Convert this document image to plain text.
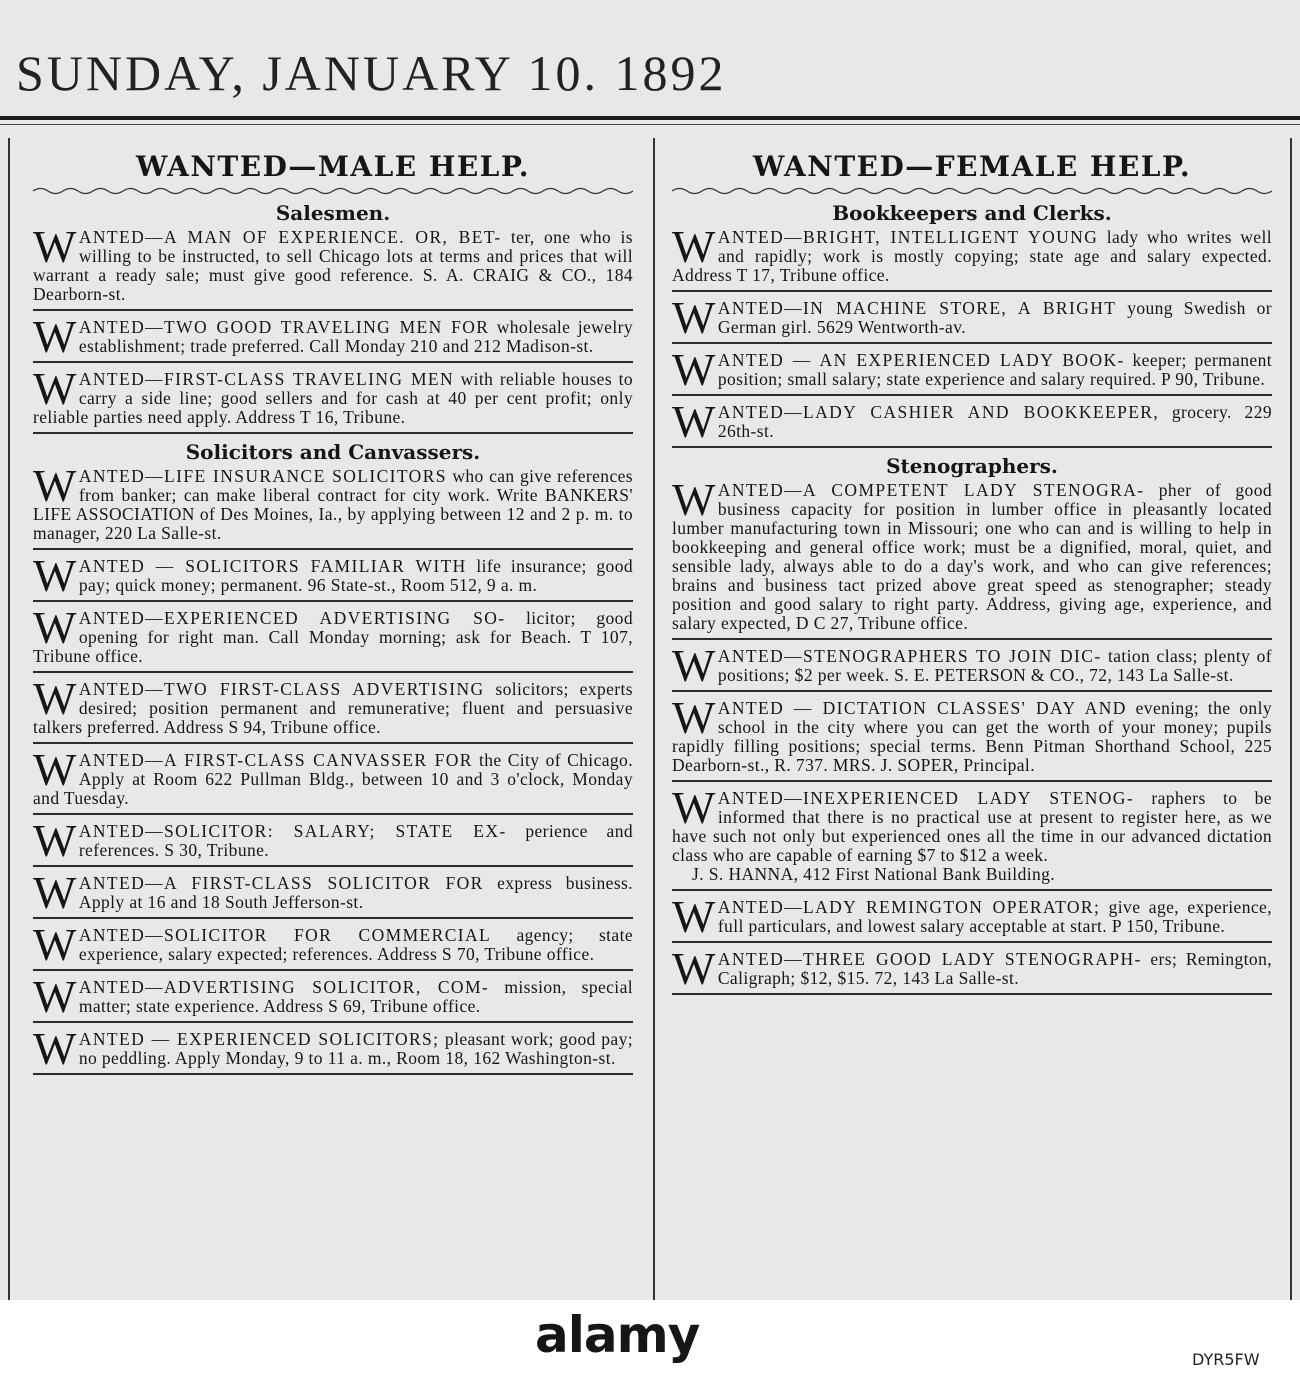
SUNDAY, JANUARY 10. 1892
WANTED—MALE HELP.
Salesmen.
WANTED—A MAN OF EXPERIENCE. OR, BET- ter, one who is willing to be instructed, to sell Chicago lots at terms and prices that will warrant a ready sale; must give good reference. S. A. CRAIG & CO., 184 Dearborn-st.
WANTED—TWO GOOD TRAVELING MEN FOR wholesale jewelry establishment; trade preferred. Call Monday 210 and 212 Madison-st.
WANTED—FIRST-CLASS TRAVELING MEN with reliable houses to carry a side line; good sellers and for cash at 40 per cent profit; only reliable parties need apply. Address T 16, Tribune.
Solicitors and Canvassers.
WANTED—LIFE INSURANCE SOLICITORS who can give references from banker; can make liberal contract for city work. Write BANKERS' LIFE ASSOCIATION of Des Moines, Ia., by applying between 12 and 2 p. m. to manager, 220 La Salle-st.
WANTED — SOLICITORS FAMILIAR WITH life insurance; good pay; quick money; permanent. 96 State-st., Room 512, 9 a. m.
WANTED—EXPERIENCED ADVERTISING SO- licitor; good opening for right man. Call Monday morning; ask for Beach. T 107, Tribune office.
WANTED—TWO FIRST-CLASS ADVERTISING solicitors; experts desired; position permanent and remunerative; fluent and persuasive talkers preferred. Address S 94, Tribune office.
WANTED—A FIRST-CLASS CANVASSER FOR the City of Chicago. Apply at Room 622 Pullman Bldg., between 10 and 3 o'clock, Monday and Tuesday.
WANTED—SOLICITOR: SALARY; STATE EX- perience and references. S 30, Tribune.
WANTED—A FIRST-CLASS SOLICITOR FOR express business. Apply at 16 and 18 South Jefferson-st.
WANTED—SOLICITOR FOR COMMERCIAL agency; state experience, salary expected; references. Address S 70, Tribune office.
WANTED—ADVERTISING SOLICITOR, COM- mission, special matter; state experience. Address S 69, Tribune office.
WANTED — EXPERIENCED SOLICITORS; pleasant work; good pay; no peddling. Apply Monday, 9 to 11 a. m., Room 18, 162 Washington-st.
WANTED—FEMALE HELP.
Bookkeepers and Clerks.
WANTED—BRIGHT, INTELLIGENT YOUNG lady who writes well and rapidly; work is mostly copying; state age and salary expected. Address T 17, Tribune office.
WANTED—IN MACHINE STORE, A BRIGHT young Swedish or German girl. 5629 Wentworth-av.
WANTED — AN EXPERIENCED LADY BOOK- keeper; permanent position; small salary; state experience and salary required. P 90, Tribune.
WANTED—LADY CASHIER AND BOOKKEEPER, grocery. 229 26th-st.
Stenographers.
WANTED—A COMPETENT LADY STENOGRA- pher of good business capacity for position in lumber office in pleasantly located lumber manufacturing town in Missouri; one who can and is willing to help in bookkeeping and general office work; must be a dignified, moral, quiet, and sensible lady, always able to do a day's work, and who can give references; brains and business tact prized above great speed as stenographer; steady position and good salary to right party. Address, giving age, experience, and salary expected, D C 27, Tribune office.
WANTED—STENOGRAPHERS TO JOIN DIC- tation class; plenty of positions; $2 per week. S. E. PETERSON & CO., 72, 143 La Salle-st.
WANTED — DICTATION CLASSES' DAY AND evening; the only school in the city where you can get the worth of your money; pupils rapidly filling positions; special terms. Benn Pitman Shorthand School, 225 Dearborn-st., R. 737. MRS. J. SOPER, Principal.
WANTED—INEXPERIENCED LADY STENOG- raphers to be informed that there is no practical use at present to register here, as we have such not only but experienced ones all the time in our advanced dictation class who are capable of earning $7 to $12 a week.
J. S. HANNA, 412 First National Bank Building.
WANTED—LADY REMINGTON OPERATOR; give age, experience, full particulars, and lowest salary acceptable at start. P 150, Tribune.
WANTED—THREE GOOD LADY STENOGRAPH- ers; Remington, Caligraph; $12, $15. 72, 143 La Salle-st.
alamy	DYR5FW
